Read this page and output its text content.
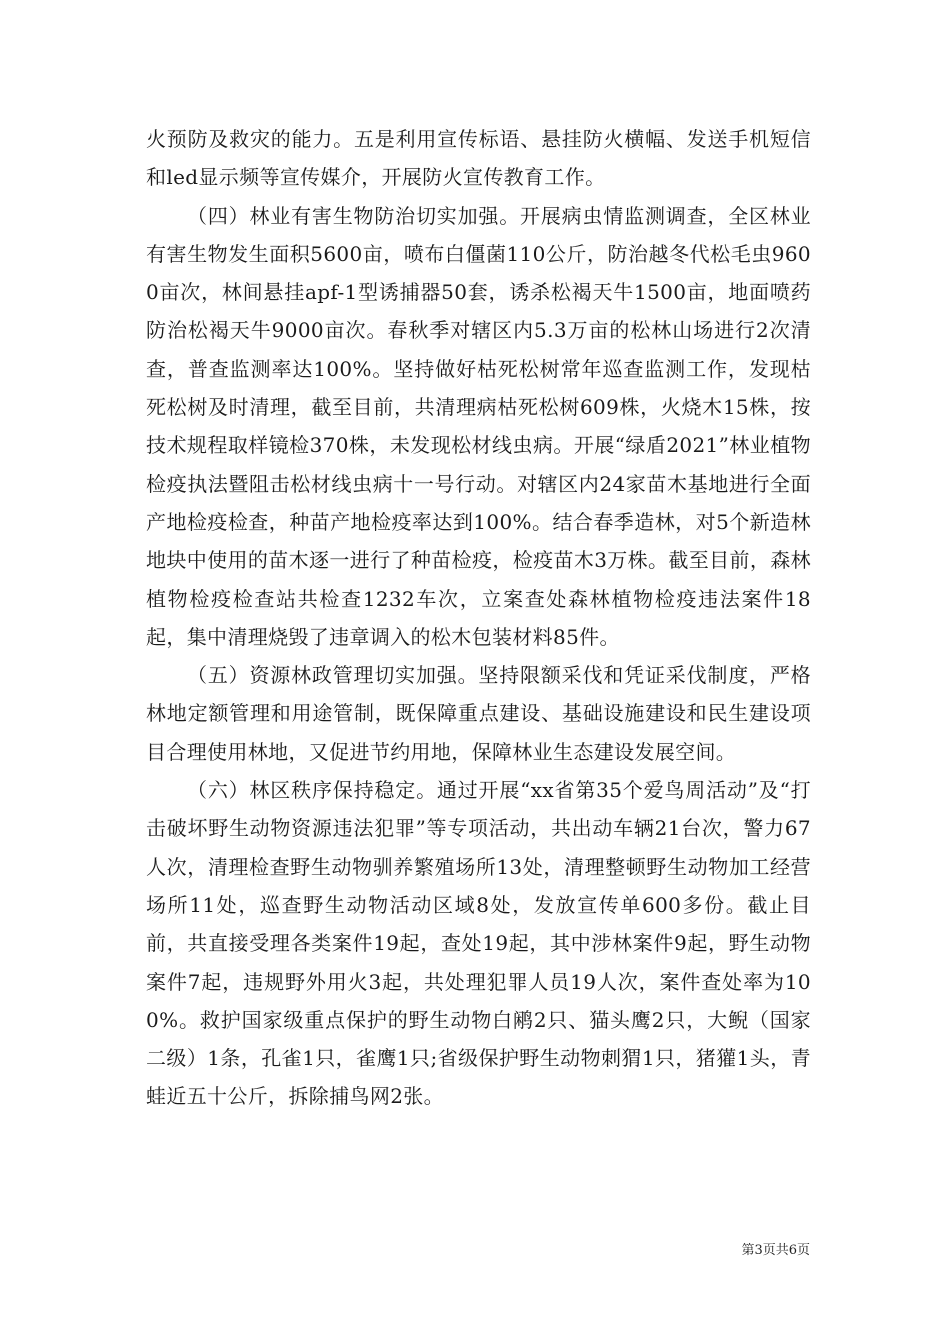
火预防及救灾的能力。五是利用宣传标语、悬挂防火横幅、发送手机短信和led显示频等宣传媒介，开展防火宣传教育工作。

（四）林业有害生物防治切实加强。开展病虫情监测调查，全区林业有害生物发生面积5600亩，喷布白僵菌110公斤，防治越冬代松毛虫9600亩次，林间悬挂apf-1型诱捕器50套，诱杀松褐天牛1500亩，地面喷药防治松褐天牛9000亩次。春秋季对辖区内5.3万亩的松林山场进行2次清查，普查监测率达100%。坚持做好枯死松树常年巡查监测工作，发现枯死松树及时清理，截至目前，共清理病枯死松树609株，火烧木15株，按技术规程取样镜检370株，未发现松材线虫病。开展“绿盾2021”林业植物检疫执法暨阻击松材线虫病十一号行动。对辖区内24家苗木基地进行全面产地检疫检查，种苗产地检疫率达到100%。结合春季造林，对5个新造林地块中使用的苗木逐一进行了种苗检疫，检疫苗木3万株。截至目前，森林植物检疫检查站共检查1232车次，立案查处森林植物检疫违法案件18起，集中清理烧毁了违章调入的松木包装材料85件。

（五）资源林政管理切实加强。坚持限额采伐和凭证采伐制度，严格林地定额管理和用途管制，既保障重点建设、基础设施建设和民生建设项目合理使用林地，又促进节约用地，保障林业生态建设发展空间。

（六）林区秩序保持稳定。通过开展“xx省第35个爱鸟周活动”及“打击破坏野生动物资源违法犯罪”等专项活动，共出动车辆21台次，警力67人次，清理检查野生动物驯养繁殖场所13处，清理整顿野生动物加工经营场所11处，巡查野生动物活动区域8处，发放宣传单600多份。截止目前，共直接受理各类案件19起，查处19起，其中涉林案件9起，野生动物案件7起，违规野外用火3起，共处理犯罪人员19人次，案件查处率为100%。救护国家级重点保护的野生动物白鹇2只、猫头鹰2只，大鲵（国家二级）1条，孔雀1只，雀鹰1只;省级保护野生动物刺猬1只，猪獾1头，青蛙近五十公斤，拆除捕鸟网2张。

第3页共6页
